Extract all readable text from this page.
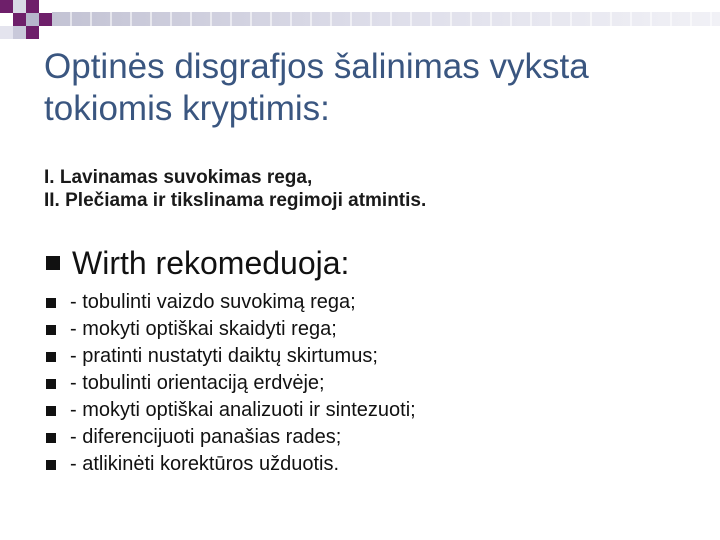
Optinės disgrafjos šalinimas vyksta tokiomis kryptimis:
I. Lavinamas suvokimas rega,
II. Plečiama ir tikslinama regimoji atmintis.
Wirth rekomeduoja:
- tobulinti vaizdo suvokimą rega;
- mokyti optiškai skaidyti rega;
- pratinti nustatyti daiktų skirtumus;
- tobulinti orientaciją erdvėje;
- mokyti optiškai analizuoti ir sintezuoti;
- diferencijuoti panašias rades;
- atlikinėti korektūros užduotis.
